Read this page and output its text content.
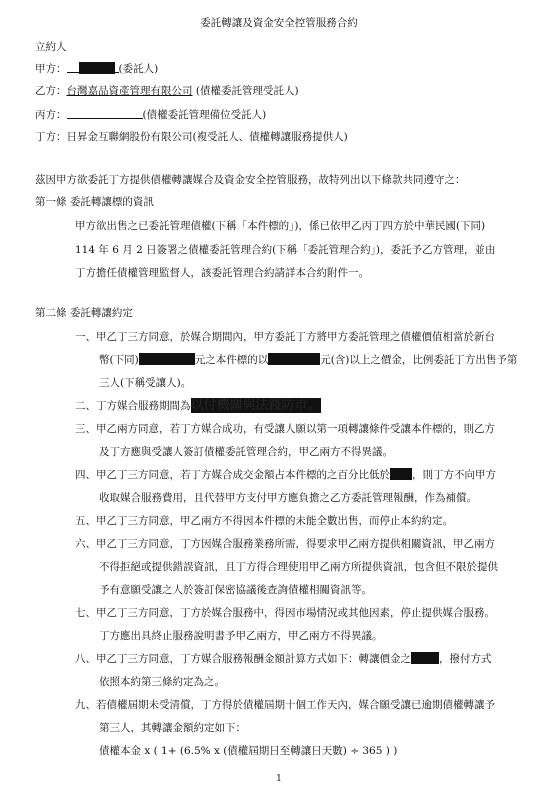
委託轉讓及資金安全控管服務合約
立約人
甲方：	(委託人)
乙方：台灣嘉品資產管理有限公司 (債權委託管理受託人)
丙方：	(債權委託管理備位受託人)
丁方：日昇金互聯網股份有限公司(複受託人、債權轉讓服務提供人)
茲因甲方欲委託丁方提供債權轉讓媒合及資金安全控管服務，故特列出以下條款共同遵守之：
第一條 委託轉讓標的資訊
甲方欲出售之已委託管理債權(下稱「本件標的」)，係已依甲乙丙丁四方於中華民國(下同)
114 年 6 月 2 日簽署之債權委託管理合約(下稱「委託管理合約」)，委託予乙方管理，並由
丁方擔任債權管理監督人，該委託管理合約請詳本合約附件一。
第二條 委託轉讓約定
一、甲乙丁三方同意，於媒合期間內，甲方委託丁方將甲方委託管理之債權價值相當於新台
幣(下同)	元之本件標的以	元(含)以上之價金，比例委託丁方出售予第
三人(下稱受讓人)。
二、丁方媒合服務期間為以付機關與法錢防市。
三、甲乙兩方同意，若丁方媒合成功，有受讓人願以第一項轉讓條件受讓本件標的，則乙方
及丁方應與受讓人簽訂債權委託管理合約，甲乙兩方不得異議。
四、甲乙丁三方同意，若丁方媒合成交金額占本件標的之百分比低於 ，則丁方不向甲方
收取媒合服務費用，且代替甲方支付甲方應負擔之乙方委託管理報酬，作為補償。
五、甲乙丁三方同意，甲乙兩方不得因本件標的未能全數出售，而停止本約約定。
六、甲乙丁三方同意，丁方因媒合服務業務所需，得要求甲乙兩方提供相關資訊，甲乙兩方
不得拒絕或提供錯誤資訊，且丁方得合理使用甲乙兩方所提供資訊，包含但不限於提供
予有意願受讓之人於簽訂保密協議後查詢債權相關資訊等。
七、甲乙丁三方同意，丁方於媒合服務中，得因市場情況或其他因素，停止提供媒合服務。
丁方應出具終止服務說明書予甲乙兩方，甲乙兩方不得異議。
八、甲乙丁三方同意，丁方媒合服務報酬金額計算方式如下：轉讓價金之	，撥付方式
依照本約第三條約定為之。
九、若債權屆期未受清償，丁方得於債權屆期十個工作天內，媒合願受讓已逾期債權轉讓予
第三人，其轉讓金額約定如下：
債權本金 x ( 1+ (6.5% x (債權屆期日至轉讓日天數) ÷ 365 ) )
1
